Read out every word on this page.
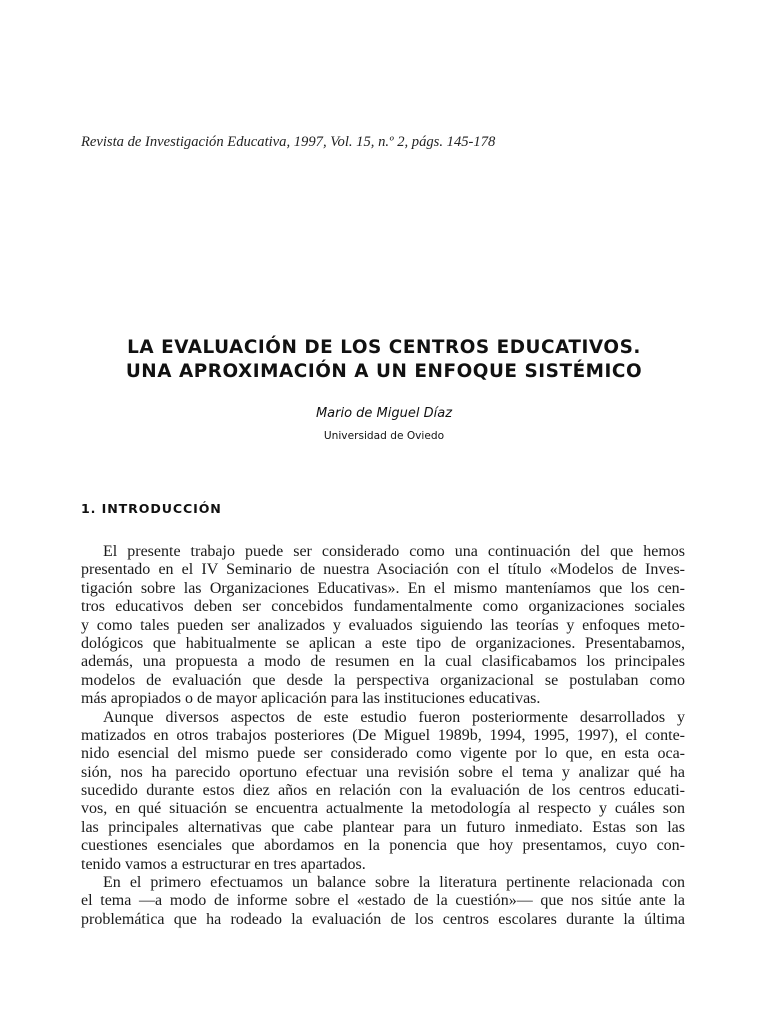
Revista de Investigación Educativa, 1997, Vol. 15, n.º 2, págs. 145-178

LA EVALUACIÓN DE LOS CENTROS EDUCATIVOS.
UNA APROXIMACIÓN A UN ENFOQUE SISTÉMICO

Mario de Miguel Díaz

Universidad de Oviedo

1. INTRODUCCIÓN
El presente trabajo puede ser considerado como una continuación del que hemos
presentado en el IV Seminario de nuestra Asociación con el título «Modelos de Inves-
tigación sobre las Organizaciones Educativas». En el mismo manteníamos que los cen-
tros educativos deben ser concebidos fundamentalmente como organizaciones sociales
y como tales pueden ser analizados y evaluados siguiendo las teorías y enfoques meto-
dológicos que habitualmente se aplican a este tipo de organizaciones. Presentabamos,
además, una propuesta a modo de resumen en la cual clasificabamos los principales
modelos de evaluación que desde la perspectiva organizacional se postulaban como
más apropiados o de mayor aplicación para las instituciones educativas.
Aunque diversos aspectos de este estudio fueron posteriormente desarrollados y
matizados en otros trabajos posteriores (De Miguel 1989b, 1994, 1995, 1997), el conte-
nido esencial del mismo puede ser considerado como vigente por lo que, en esta oca-
sión, nos ha parecido oportuno efectuar una revisión sobre el tema y analizar qué ha
sucedido durante estos diez años en relación con la evaluación de los centros educati-
vos, en qué situación se encuentra actualmente la metodología al respecto y cuáles son
las principales alternativas que cabe plantear para un futuro inmediato. Estas son las
cuestiones esenciales que abordamos en la ponencia que hoy presentamos, cuyo con-
tenido vamos a estructurar en tres apartados.
En el primero efectuamos un balance sobre la literatura pertinente relacionada con
el tema —a modo de informe sobre el «estado de la cuestión»— que nos sitúe ante la
problemática que ha rodeado la evaluación de los centros escolares durante la última
